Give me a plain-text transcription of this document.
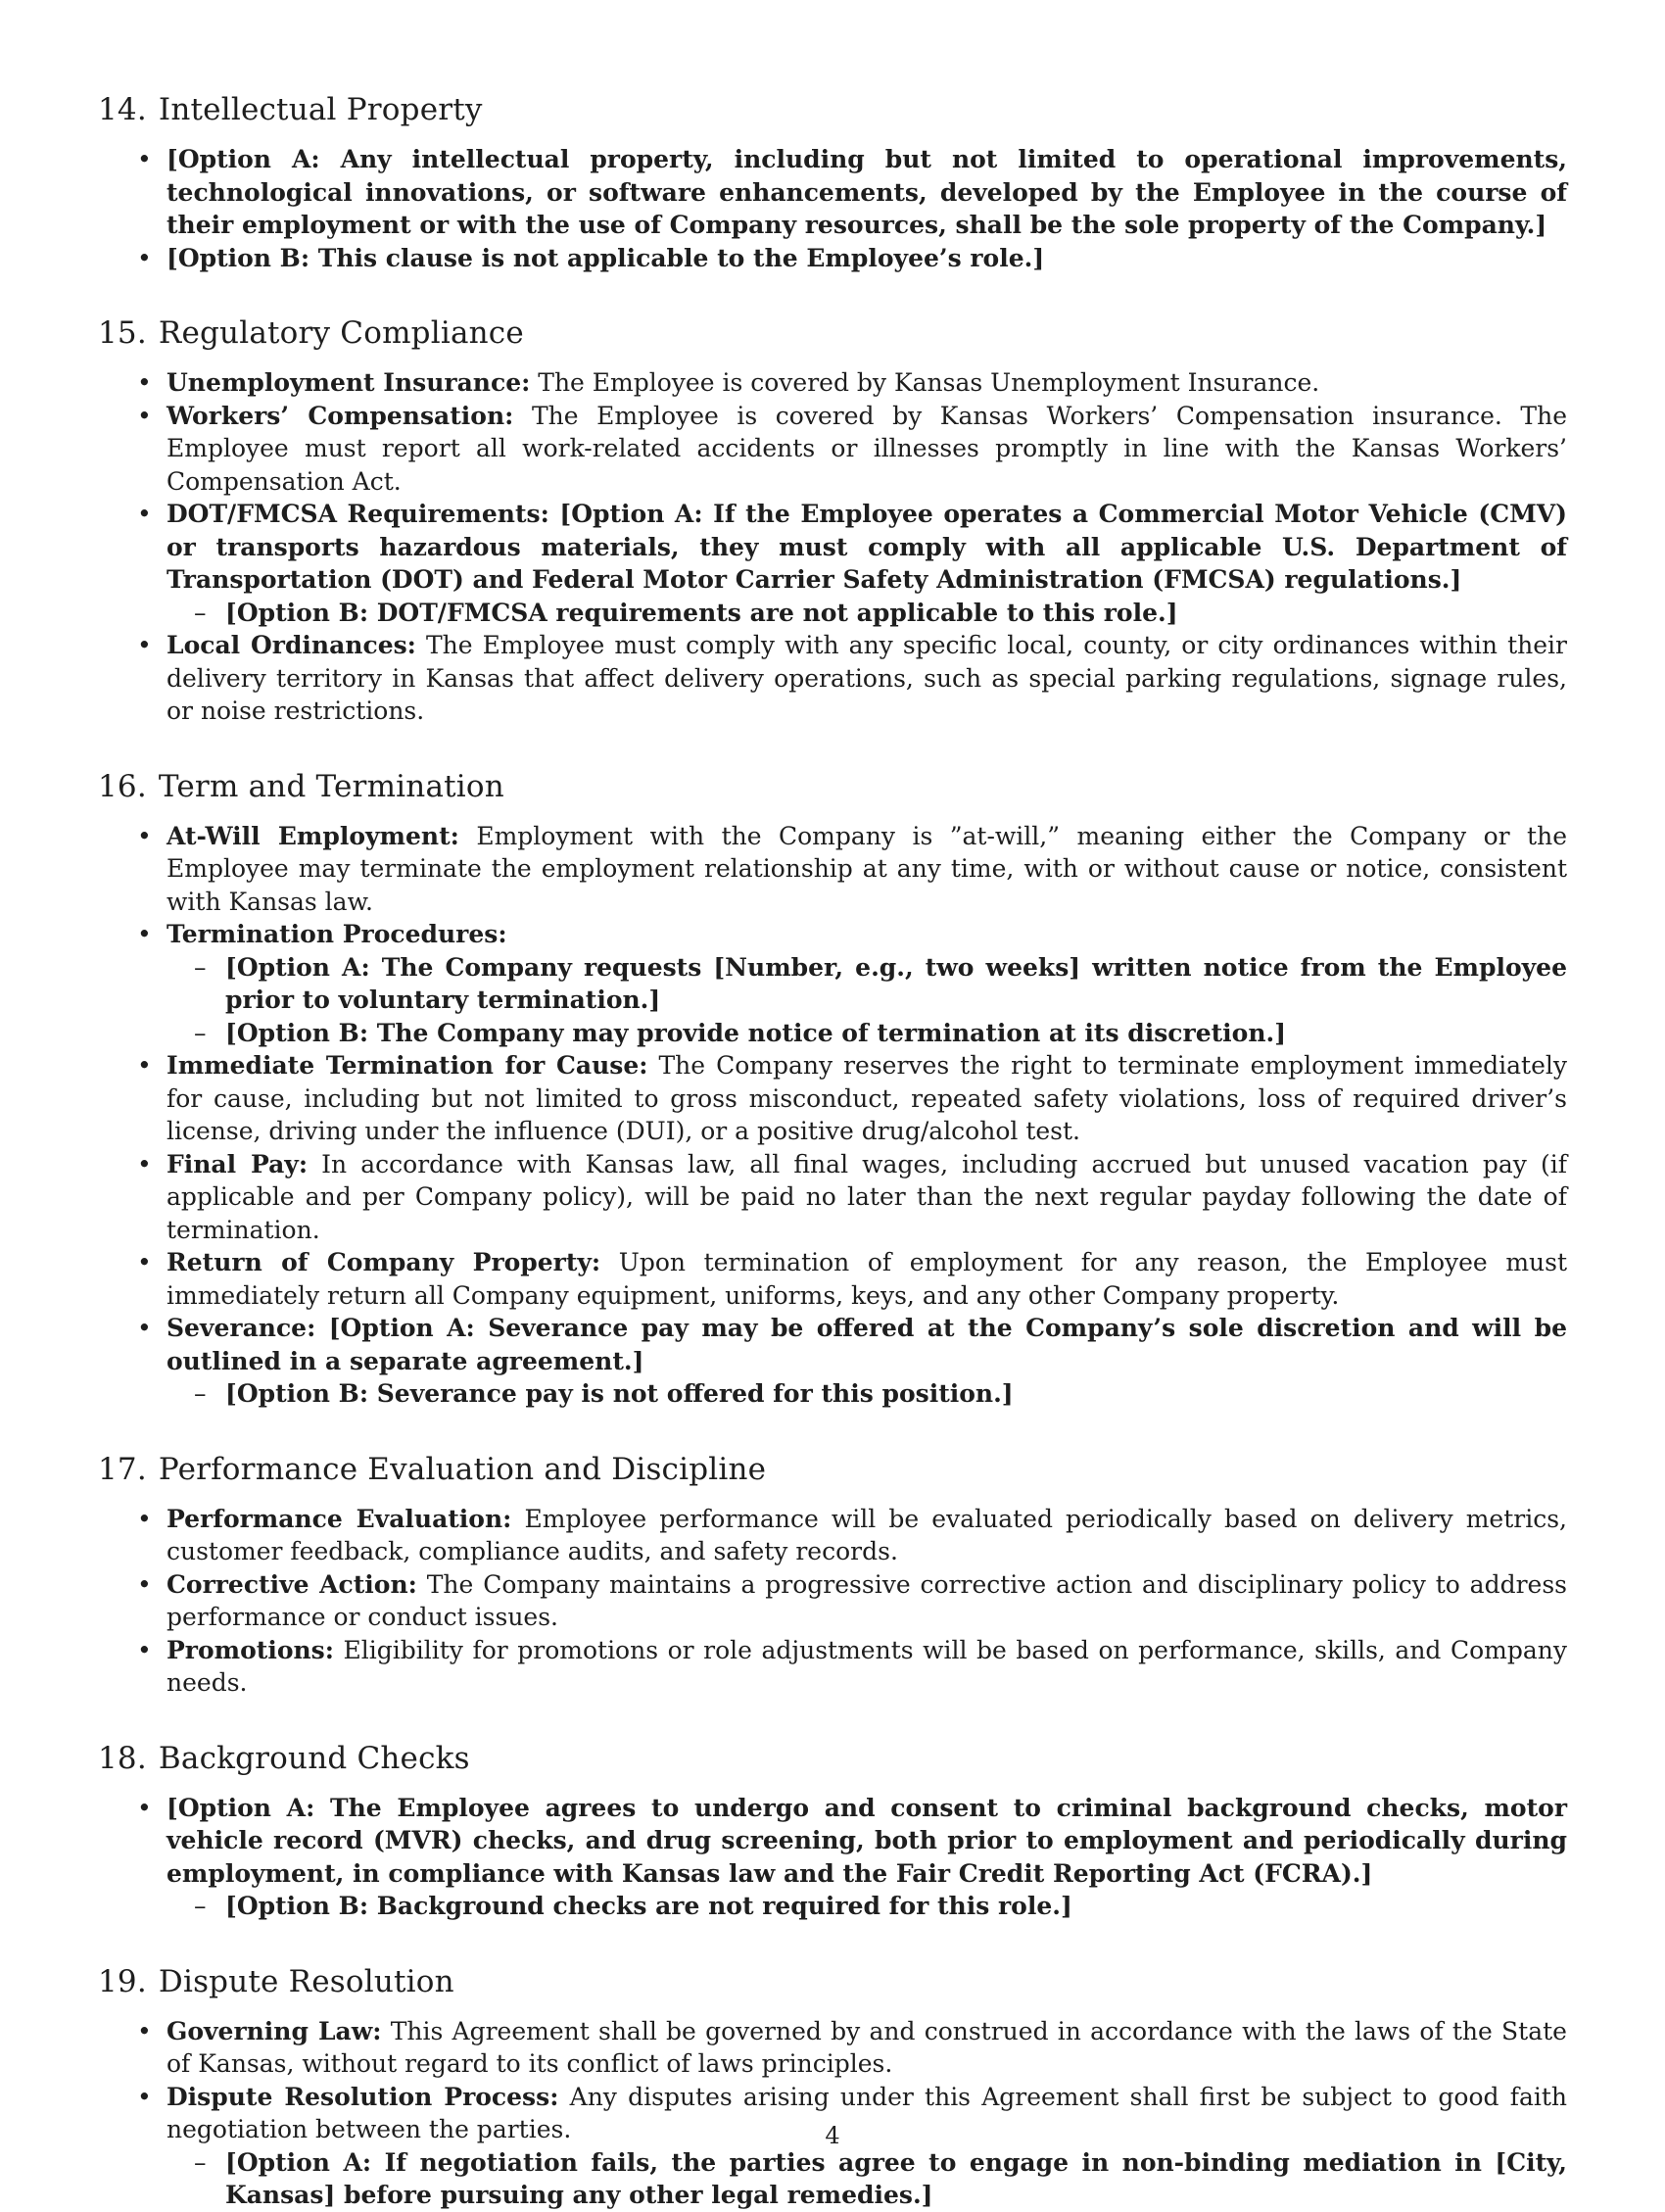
14. Intellectual Property
• [Option A: Any intellectual property, including but not limited to operational improvements, technological innovations, or software enhancements, developed by the Employee in the course of their employment or with the use of Company resources, shall be the sole property of the Company.]
• [Option B: This clause is not applicable to the Employee’s role.]
15. Regulatory Compliance
• Unemployment Insurance: The Employee is covered by Kansas Unemployment Insurance.
• Workers’ Compensation: The Employee is covered by Kansas Workers’ Compensation insurance. The Employee must report all work-related accidents or illnesses promptly in line with the Kansas Workers’ Compensation Act.
• DOT/FMCSA Requirements: [Option A: If the Employee operates a Commercial Motor Vehicle (CMV) or transports hazardous materials, they must comply with all applicable U.S. Department of Transportation (DOT) and Federal Motor Carrier Safety Administration (FMCSA) regulations.]
– [Option B: DOT/FMCSA requirements are not applicable to this role.]
• Local Ordinances: The Employee must comply with any specific local, county, or city ordinances within their delivery territory in Kansas that affect delivery operations, such as special parking regulations, signage rules, or noise restrictions.
16. Term and Termination
• At-Will Employment: Employment with the Company is ”at-will,” meaning either the Company or the Employee may terminate the employment relationship at any time, with or without cause or notice, consistent with Kansas law.
• Termination Procedures:
– [Option A: The Company requests [Number, e.g., two weeks] written notice from the Employee prior to voluntary termination.]
– [Option B: The Company may provide notice of termination at its discretion.]
• Immediate Termination for Cause: The Company reserves the right to terminate employment immediately for cause, including but not limited to gross misconduct, repeated safety violations, loss of required driver’s license, driving under the influence (DUI), or a positive drug/alcohol test.
• Final Pay: In accordance with Kansas law, all final wages, including accrued but unused vacation pay (if applicable and per Company policy), will be paid no later than the next regular payday following the date of termination.
• Return of Company Property: Upon termination of employment for any reason, the Employee must immediately return all Company equipment, uniforms, keys, and any other Company property.
• Severance: [Option A: Severance pay may be offered at the Company’s sole discretion and will be outlined in a separate agreement.]
– [Option B: Severance pay is not offered for this position.]
17. Performance Evaluation and Discipline
• Performance Evaluation: Employee performance will be evaluated periodically based on delivery metrics, customer feedback, compliance audits, and safety records.
• Corrective Action: The Company maintains a progressive corrective action and disciplinary policy to address performance or conduct issues.
• Promotions: Eligibility for promotions or role adjustments will be based on performance, skills, and Company needs.
18. Background Checks
• [Option A: The Employee agrees to undergo and consent to criminal background checks, motor vehicle record (MVR) checks, and drug screening, both prior to employment and periodically during employment, in compliance with Kansas law and the Fair Credit Reporting Act (FCRA).]
– [Option B: Background checks are not required for this role.]
19. Dispute Resolution
• Governing Law: This Agreement shall be governed by and construed in accordance with the laws of the State of Kansas, without regard to its conflict of laws principles.
• Dispute Resolution Process: Any disputes arising under this Agreement shall first be subject to good faith negotiation between the parties.
– [Option A: If negotiation fails, the parties agree to engage in non-binding mediation in [City, Kansas] before pursuing any other legal remedies.]
4
